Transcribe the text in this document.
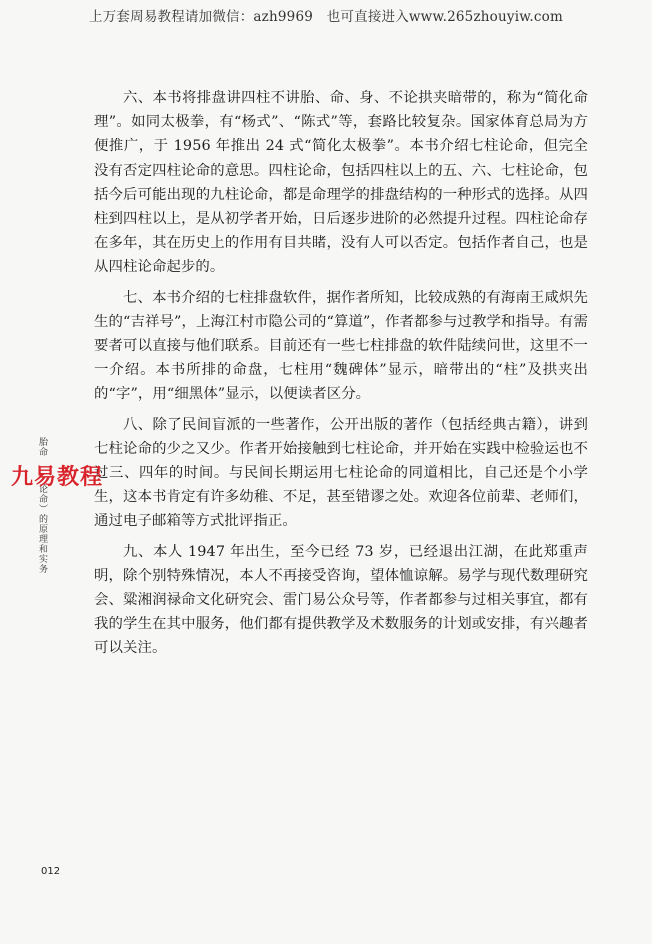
上万套周易教程请加微信：azh9969　也可直接进入www.265zhouyiw.com

六、本书将排盘讲四柱不讲胎、命、身、不论拱夹暗带的，称为“简化命理”。如同太极拳，有“杨式”、“陈式”等，套路比较复杂。国家体育总局为方便推广，于 1956 年推出 24 式“简化太极拳”。本书介绍七柱论命，但完全没有否定四柱论命的意思。四柱论命，包括四柱以上的五、六、七柱论命，包括今后可能出现的九柱论命，都是命理学的排盘结构的一种形式的选择。从四柱到四柱以上，是从初学者开始，日后逐步进阶的必然提升过程。四柱论命存在多年，其在历史上的作用有目共睹，没有人可以否定。包括作者自己，也是从四柱论命起步的。

七、本书介绍的七柱排盘软件，据作者所知，比较成熟的有海南王咸炽先生的“吉祥号”，上海江村市隐公司的“算道”，作者都参与过教学和指导。有需要者可以直接与他们联系。目前还有一些七柱排盘的软件陆续问世，这里不一一介绍。本书所排的命盘，七柱用“魏碑体”显示，暗带出的“柱”及拱夹出的“字”，用“细黑体”显示，以便读者区分。

八、除了民间盲派的一些著作，公开出版的著作（包括经典古籍），讲到七柱论命的少之又少。作者开始接触到七柱论命，并开始在实践中检验运也不过三、四年的时间。与民间长期运用七柱论命的同道相比，自己还是个小学生，这本书肯定有许多幼稚、不足，甚至错谬之处。欢迎各位前辈、老师们，通过电子邮箱等方式批评指正。

九、本人 1947 年出生，至今已经 73 岁，已经退出江湖，在此郑重声明，除个别特殊情况，本人不再接受咨询，望体恤谅解。易学与现代数理研究会、粱湘润禄命文化研究会、雷门易公众号等，作者都参与过相关事宜，都有我的学生在其中服务，他们都有提供教学及术数服务的计划或安排，有兴趣者可以关注。

胎命
论命）的原理和实务
九易教程
012
